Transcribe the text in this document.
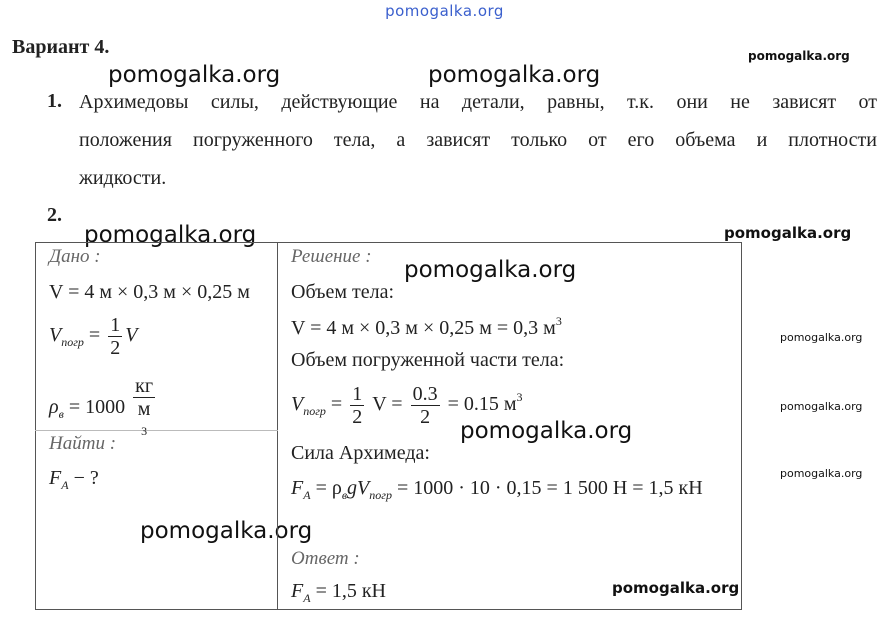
pomogalka.org
pomogalka.org	pomogalka.org
pomogalka.org
pomogalka.org
pomogalka.org
pomogalka.org
pomogalka.org
pomogalka.org
pomogalka.org
pomogalka.org
pomogalka.org
pomogalka.org
Вариант 4.
1. Архимедовы силы, действующие на детали, равны, т.к. они не зависят от
положения погруженного тела, а зависят только от его объема и плотности
жидкости.
2.
Дано :
V = 4 м × 0,3 м × 0,25 м
$V_{погр} = \frac{1}{2}$ V
$\rho_в = 1000$ кг
м
3
Найти :
$F_A$ − ?
Решение :
Объем тела:
V = 4 м × 0,3 м × 0,25 м = 0,3 $м^3$
Объем погруженной части тела:
$V_{погр} = \frac{1}{2}$ $V = \frac{0.3}{2} = 0.15$ $м^3$
Сила Архимеда:
$F_A = \rho_вgV_{погр} = 1000 \cdot 10 \cdot 0,15 = 1$ 500 Н = 1,5 кН
Ответ :
$F_A = 1,5$ кН
